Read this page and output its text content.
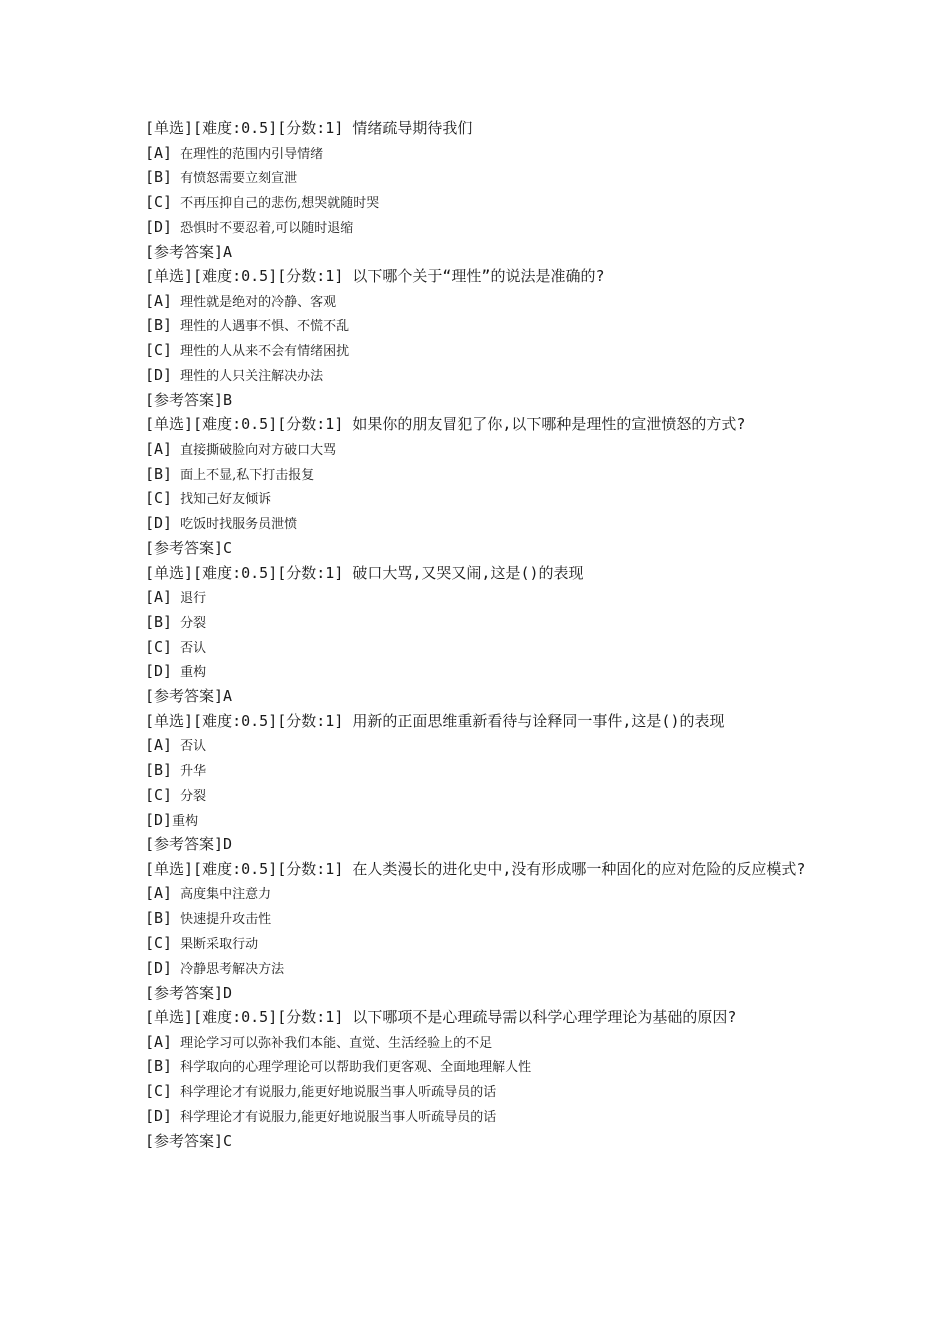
[单选][难度:0.5][分数:1] 情绪疏导期待我们

[A] 在理性的范围内引导情绪

[B] 有愤怒需要立刻宣泄

[C] 不再压抑自己的悲伤,想哭就随时哭

[D] 恐惧时不要忍着,可以随时退缩

[参考答案]A

[单选][难度:0.5][分数:1] 以下哪个关于“理性”的说法是准确的?

[A] 理性就是绝对的冷静、客观

[B] 理性的人遇事不惧、不慌不乱

[C] 理性的人从来不会有情绪困扰

[D] 理性的人只关注解决办法

[参考答案]B

[单选][难度:0.5][分数:1] 如果你的朋友冒犯了你,以下哪种是理性的宣泄愤怒的方式?

[A] 直接撕破脸向对方破口大骂

[B] 面上不显,私下打击报复

[C] 找知己好友倾诉

[D] 吃饭时找服务员泄愤

[参考答案]C

[单选][难度:0.5][分数:1] 破口大骂,又哭又闹,这是()的表现

[A] 退行

[B] 分裂

[C] 否认

[D] 重构

[参考答案]A

[单选][难度:0.5][分数:1] 用新的正面思维重新看待与诠释同一事件,这是()的表现

[A] 否认

[B] 升华

[C] 分裂

[D]重构

[参考答案]D

[单选][难度:0.5][分数:1] 在人类漫长的进化史中,没有形成哪一种固化的应对危险的反应模式?

[A] 高度集中注意力

[B] 快速提升攻击性

[C] 果断采取行动

[D] 冷静思考解决方法

[参考答案]D

[单选][难度:0.5][分数:1] 以下哪项不是心理疏导需以科学心理学理论为基础的原因?

[A] 理论学习可以弥补我们本能、直觉、生活经验上的不足

[B] 科学取向的心理学理论可以帮助我们更客观、全面地理解人性

[C] 科学理论才有说服力,能更好地说服当事人听疏导员的话

[D] 科学理论才有说服力,能更好地说服当事人听疏导员的话

[参考答案]C
